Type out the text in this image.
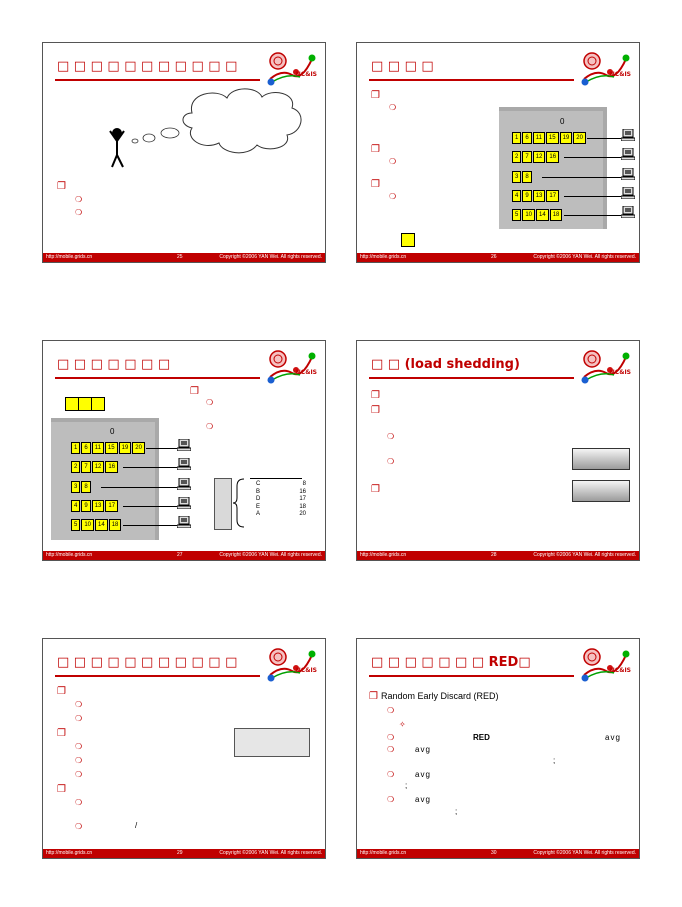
□ □ □ □ □ □ □ □ □ □ □
NC&IS
❐
❍
❍
http://mobile.grids.cn	25	Copyright ©2006 YAN Wei. All rights reserved.
□ □ □ □
NC&IS
❐
❍
❐
❍
❐
❍
0
1	6	11	15	19	20
2	7	12	16
3	8
4	9	13	17
5	10	14	18
http://mobile.grids.cn	26	Copyright ©2006 YAN Wei. All rights reserved.
□ □ □ □ □ □ □
NC&IS
❐
❍
❍
0
1	6	11	15	19	20
2	7	12	16
3	8
4	9	13	17
5	10	14	18
C	8
B	16
D	17
E	18
A	20
http://mobile.grids.cn	27	Copyright ©2006 YAN Wei. All rights reserved.
□ □ (load shedding)
NC&IS
❐
❐
❍
❍
❐
http://mobile.grids.cn	28	Copyright ©2006 YAN Wei. All rights reserved.
□ □ □ □ □ □ □ □ □ □ □
NC&IS
❐
❍
❍
❐
❍
❍
❍
❐
❍
❍	/
http://mobile.grids.cn	29	Copyright ©2006 YAN Wei. All rights reserved.
□ □ □ □ □ □ □ RED□
NC&IS
❐ Random Early Discard (RED)
❍
✧
❍	RED	avg
❍	avg
;
❍	avg
;
❍	avg
;
http://mobile.grids.cn	30	Copyright ©2006 YAN Wei. All rights reserved.
